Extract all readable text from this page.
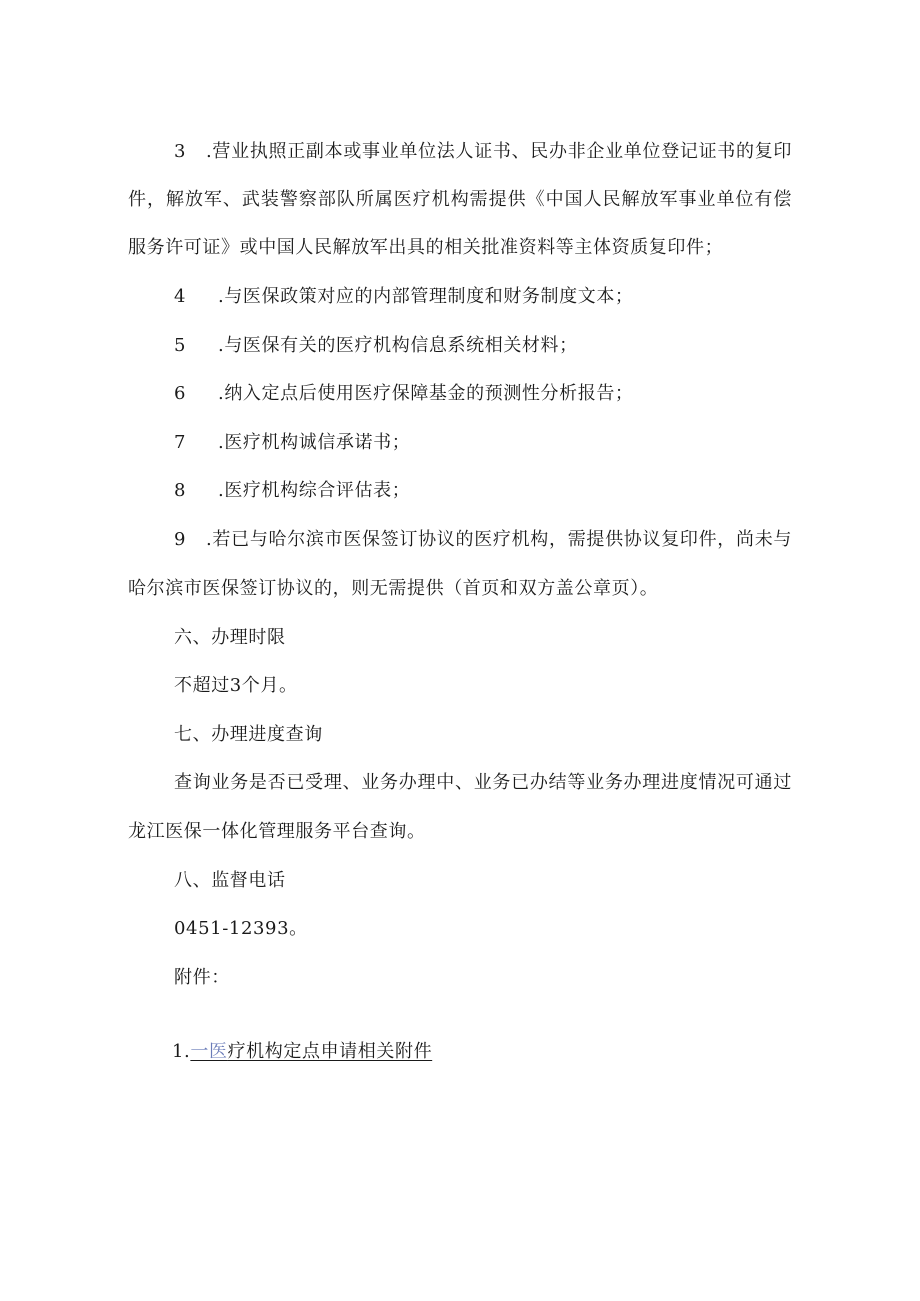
3 .营业执照正副本或事业单位法人证书、民办非企业单位登记证书的复印
件，解放军、武装警察部队所属医疗机构需提供《中国人民解放军事业单位有偿
服务许可证》或中国人民解放军出具的相关批准资料等主体资质复印件；
4 .与医保政策对应的内部管理制度和财务制度文本；
5 .与医保有关的医疗机构信息系统相关材料；
6 .纳入定点后使用医疗保障基金的预测性分析报告；
7 .医疗机构诚信承诺书；
8 .医疗机构综合评估表；
9 .若已与哈尔滨市医保签订协议的医疗机构，需提供协议复印件，尚未与
哈尔滨市医保签订协议的，则无需提供（首页和双方盖公章页）。
六、办理时限
不超过3个月。
七、办理进度查询
查询业务是否已受理、业务办理中、业务已办结等业务办理进度情况可通过
龙江医保一体化管理服务平台查询。
八、监督电话
0451-12393。
附件：
1.一医疗机构定点申请相关附件
